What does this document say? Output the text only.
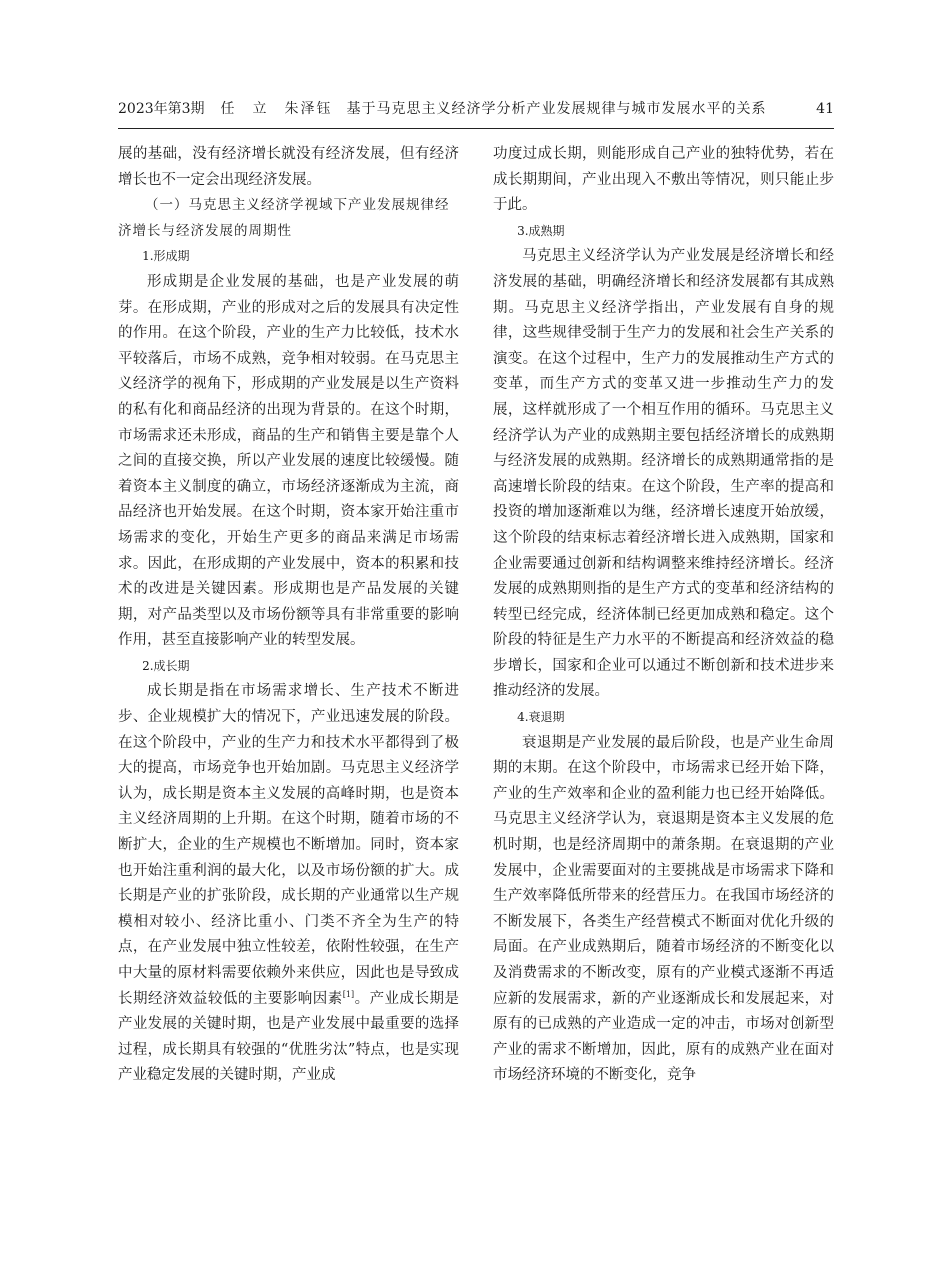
2023年第3期 任　立　朱泽钰 基于马克思主义经济学分析产业发展规律与城市发展水平的关系	41

展的基础，没有经济增长就没有经济发展，但有经济增长也不一定会出现经济发展。

（一）马克思主义经济学视域下产业发展规律经济增长与经济发展的周期性
1.形成期

形成期是企业发展的基础，也是产业发展的萌芽。在形成期，产业的形成对之后的发展具有决定性的作用。在这个阶段，产业的生产力比较低，技术水平较落后，市场不成熟，竞争相对较弱。在马克思主义经济学的视角下，形成期的产业发展是以生产资料的私有化和商品经济的出现为背景的。在这个时期，市场需求还未形成，商品的生产和销售主要是靠个人之间的直接交换，所以产业发展的速度比较缓慢。随着资本主义制度的确立，市场经济逐渐成为主流，商品经济也开始发展。在这个时期，资本家开始注重市场需求的变化，开始生产更多的商品来满足市场需求。因此，在形成期的产业发展中，资本的积累和技术的改进是关键因素。形成期也是产品发展的关键期，对产品类型以及市场份额等具有非常重要的影响作用，甚至直接影响产业的转型发展。

2.成长期

成长期是指在市场需求增长、生产技术不断进步、企业规模扩大的情况下，产业迅速发展的阶段。在这个阶段中，产业的生产力和技术水平都得到了极大的提高，市场竞争也开始加剧。马克思主义经济学认为，成长期是资本主义发展的高峰时期，也是资本主义经济周期的上升期。在这个时期，随着市场的不断扩大，企业的生产规模也不断增加。同时，资本家也开始注重利润的最大化，以及市场份额的扩大。成长期是产业的扩张阶段，成长期的产业通常以生产规模相对较小、经济比重小、门类不齐全为生产的特点，在产业发展中独立性较差，依附性较强，在生产中大量的原材料需要依赖外来供应，因此也是导致成长期经济效益较低的主要影响因素[1]。产业成长期是产业发展的关键时期，也是产业发展中最重要的选择过程，成长期具有较强的“优胜劣汰”特点，也是实现产业稳定发展的关键时期，产业成

功度过成长期，则能形成自己产业的独特优势，若在成长期期间，产业出现入不敷出等情况，则只能止步于此。

3.成熟期

马克思主义经济学认为产业发展是经济增长和经济发展的基础，明确经济增长和经济发展都有其成熟期。马克思主义经济学指出，产业发展有自身的规律，这些规律受制于生产力的发展和社会生产关系的演变。在这个过程中，生产力的发展推动生产方式的变革，而生产方式的变革又进一步推动生产力的发展，这样就形成了一个相互作用的循环。马克思主义经济学认为产业的成熟期主要包括经济增长的成熟期与经济发展的成熟期。经济增长的成熟期通常指的是高速增长阶段的结束。在这个阶段，生产率的提高和投资的增加逐渐难以为继，经济增长速度开始放缓，这个阶段的结束标志着经济增长进入成熟期，国家和企业需要通过创新和结构调整来维持经济增长。经济发展的成熟期则指的是生产方式的变革和经济结构的转型已经完成，经济体制已经更加成熟和稳定。这个阶段的特征是生产力水平的不断提高和经济效益的稳步增长，国家和企业可以通过不断创新和技术进步来推动经济的发展。

4.衰退期

衰退期是产业发展的最后阶段，也是产业生命周期的末期。在这个阶段中，市场需求已经开始下降，产业的生产效率和企业的盈利能力也已经开始降低。马克思主义经济学认为，衰退期是资本主义发展的危机时期，也是经济周期中的萧条期。在衰退期的产业发展中，企业需要面对的主要挑战是市场需求下降和生产效率降低所带来的经营压力。在我国市场经济的不断发展下，各类生产经营模式不断面对优化升级的局面。在产业成熟期后，随着市场经济的不断变化以及消费需求的不断改变，原有的产业模式逐渐不再适应新的发展需求，新的产业逐渐成长和发展起来，对原有的已成熟的产业造成一定的冲击，市场对创新型产业的需求不断增加，因此，原有的成熟产业在面对市场经济环境的不断变化，竞争
